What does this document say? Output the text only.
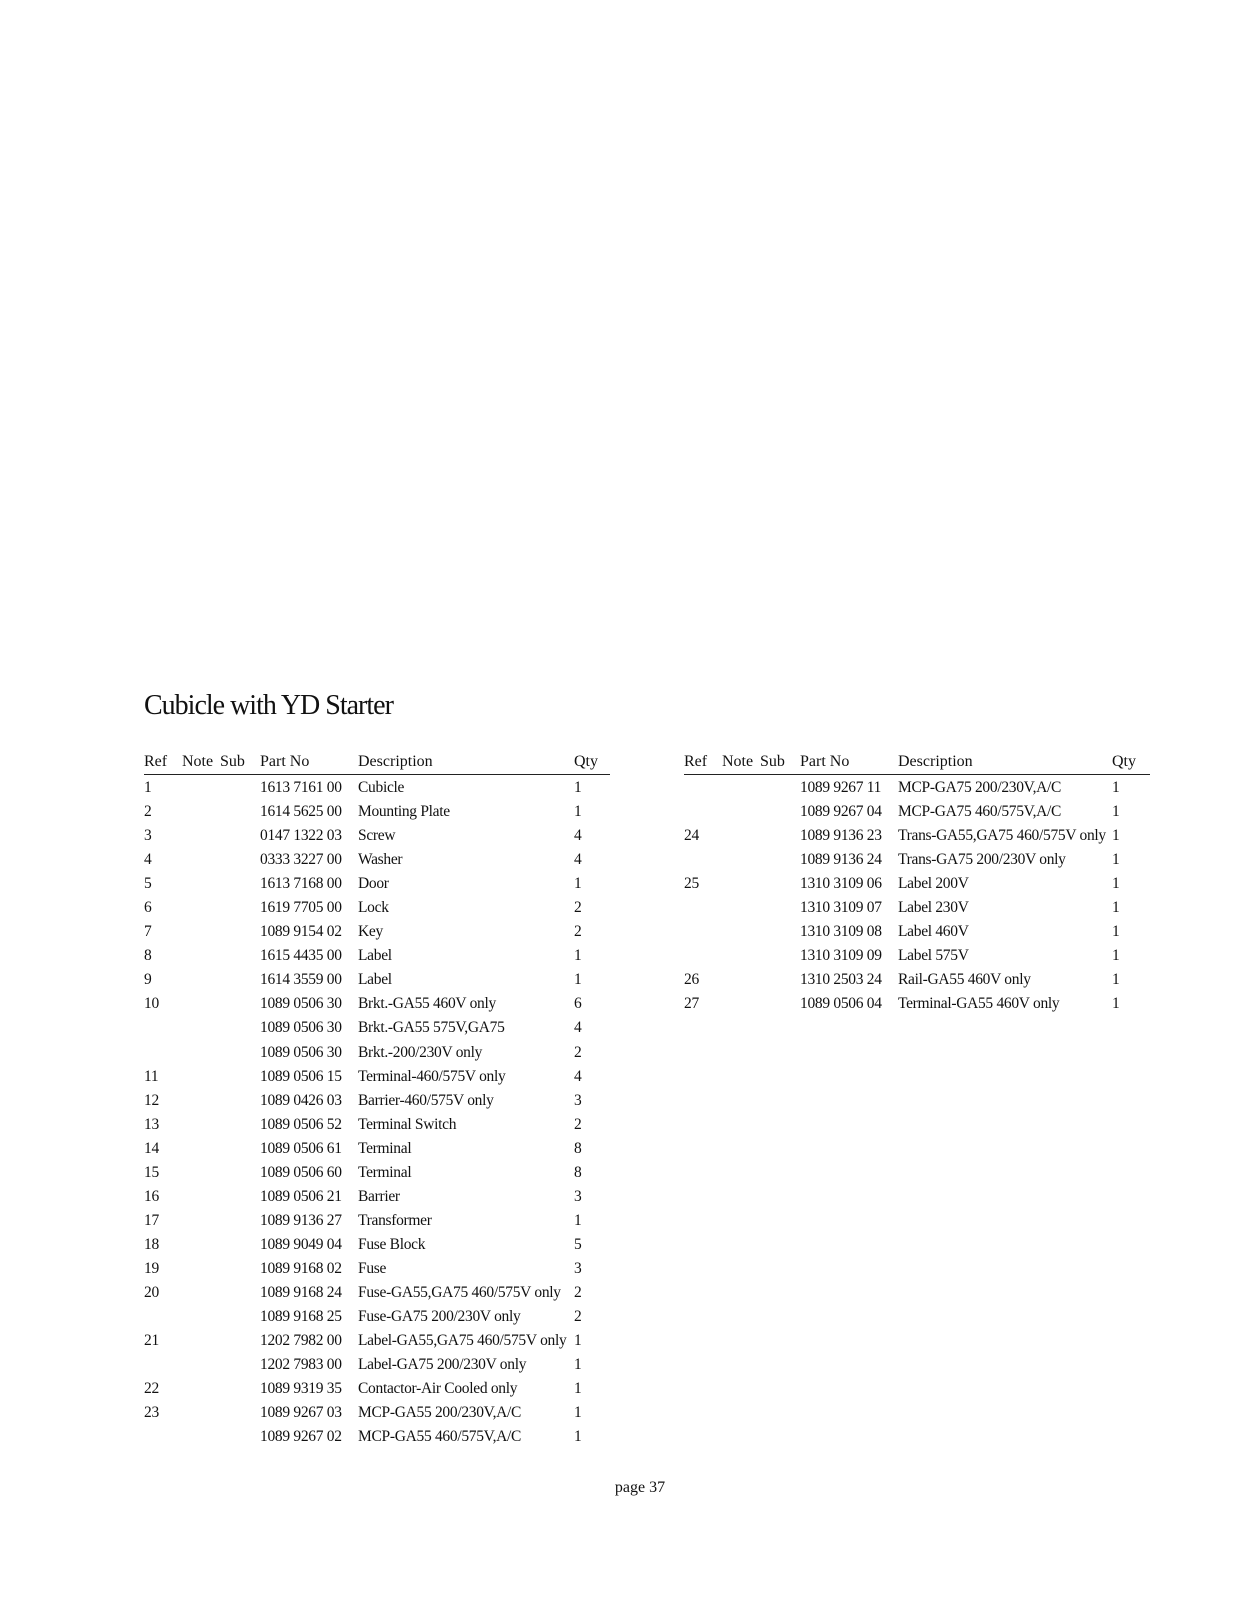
Cubicle with YD Starter
Ref Note Sub Part No	Description	Qty
1	1613 7161 00 Cubicle	1
2	1614 5625 00 Mounting Plate	1
3	0147 1322 03 Screw	4
4	0333 3227 00 Washer	4
5	1613 7168 00 Door	1
6	1619 7705 00 Lock	2
7	1089 9154 02 Key	2
8	1615 4435 00 Label	1
9	1614 3559 00 Label	1
10	1089 0506 30 Brkt.-GA55 460V only	6
1089 0506 30 Brkt.-GA55 575V,GA75	4
1089 0506 30 Brkt.-200/230V only	2
11	1089 0506 15 Terminal-460/575V only	4
12	1089 0426 03 Barrier-460/575V only	3
13	1089 0506 52 Terminal Switch	2
14	1089 0506 61 Terminal	8
15	1089 0506 60 Terminal	8
16	1089 0506 21 Barrier	3
17	1089 9136 27 Transformer	1
18	1089 9049 04 Fuse Block	5
19	1089 9168 02 Fuse	3
20	1089 9168 24 Fuse-GA55,GA75 460/575V only 2
1089 9168 25 Fuse-GA75 200/230V only	2
21	1202 7982 00 Label-GA55,GA75 460/575V only 1
1202 7983 00 Label-GA75 200/230V only	1
22	1089 9319 35 Contactor-Air Cooled only	1
23	1089 9267 03 MCP-GA55 200/230V,A/C	1
1089 9267 02 MCP-GA55 460/575V,A/C	1
Ref Note Sub Part No	Description	Qty
1089 9267 11 MCP-GA75 200/230V,A/C	1
1089 9267 04 MCP-GA75 460/575V,A/C	1
24	1089 9136 23 Trans-GA55,GA75 460/575V only 1
1089 9136 24 Trans-GA75 200/230V only	1
25	1310 3109 06 Label 200V	1
1310 3109 07 Label 230V	1
1310 3109 08 Label 460V	1
1310 3109 09 Label 575V	1
26	1310 2503 24 Rail-GA55 460V only	1
27	1089 0506 04 Terminal-GA55 460V only	1
page 37
